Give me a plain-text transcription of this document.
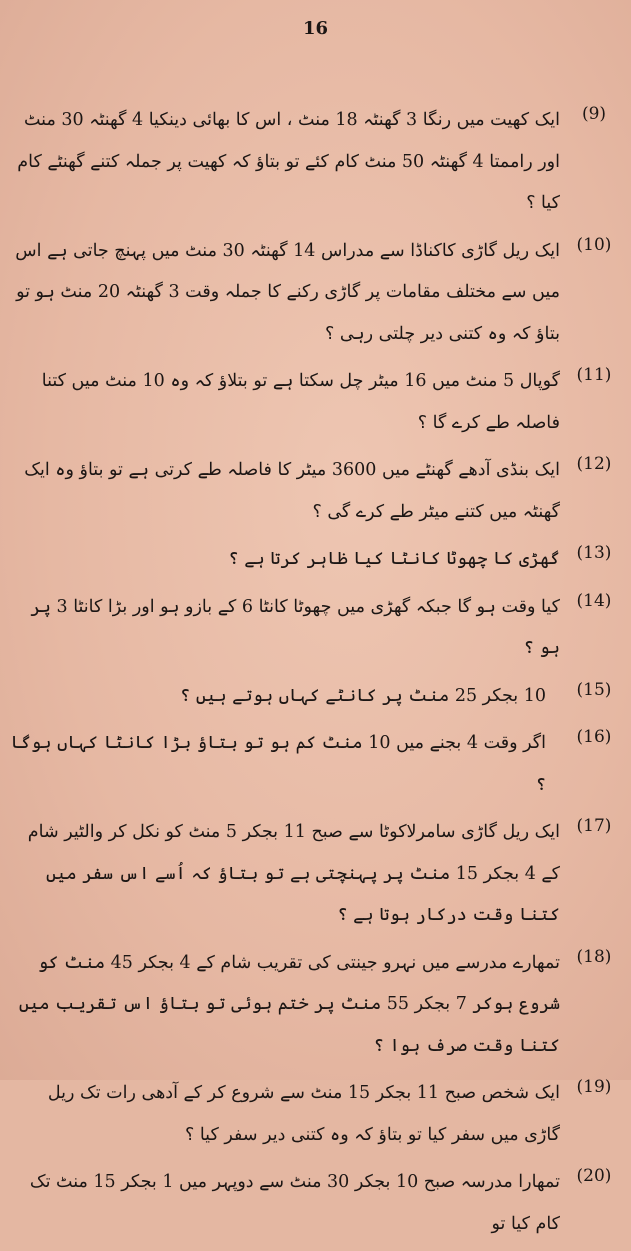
16
(9)
ایک کھیت میں رنگا 3 گھنٹہ 18 منٹ ، اس کا بھائی دینکیا 4 گھنٹہ 30 منٹ اور راممتا 4 گھنٹہ 50 منٹ کام کئے تو بتاؤ کہ کھیت پر جملہ کتنے گھنٹے کام کیا ؟
(10)
ایک ریل گاڑی کاکناڈا سے مدراس 14 گھنٹہ 30 منٹ میں پہنچ جاتی ہے اس میں سے مختلف مقامات پر گاڑی رکنے کا جملہ وقت 3 گھنٹہ 20 منٹ ہو تو بتاؤ کہ وہ کتنی دیر چلتی رہی ؟
(11)
گوپال 5 منٹ میں 16 میٹر چل سکتا ہے تو بتلاؤ کہ وہ 10 منٹ میں کتنا فاصلہ طے کرے گا ؟
(12)
ایک بنڈی آدھے گھنٹے میں 3600 میٹر کا فاصلہ طے کرتی ہے تو بتاؤ وہ ایک گھنٹہ میں کتنے میٹر طے کرے گی ؟
(13)
گھڑی کا چھوٹا کانٹا کیا ظاہر کرتا ہے ؟
(14)
کیا وقت ہو گا جبکہ گھڑی میں چھوٹا کانٹا 6 کے بازو ہو اور بڑا کانٹا 3 پر ہو ؟
(15)
10 بجکر 25 منٹ پر کانٹے کہاں ہوتے ہیں ؟
(16)
اگر وقت 4 بجنے میں 10 منٹ کم ہو تو بتاؤ بڑا کانٹا کہاں ہوگا ؟
(17)
ایک ریل گاڑی سامرلاکوٹا سے صبح 11 بجکر 5 منٹ کو نکل کر والٹیر شام کے 4 بجکر 15 منٹ پر پہنچتی ہے تو بتاؤ کہ اُسے اس سفر میں کتنا وقت درکار ہوتا ہے ؟
(18)
تمھارے مدرسے میں نہرو جینتی کی تقریب شام کے 4 بجکر 45 منٹ کو شروع ہوکر 7 بجکر 55 منٹ پر ختم ہوئی تو بتاؤ اس تقریب میں کتنا وقت صرف ہوا ؟
(19)
ایک شخص صبح 11 بجکر 15 منٹ سے شروع کر کے آدھی رات تک ریل گاڑی میں سفر کیا تو بتاؤ کہ وہ کتنی دیر سفر کیا ؟
(20)
تمھارا مدرسہ صبح 10 بجکر 30 منٹ سے دوپہر میں 1 بجکر 15 منٹ تک کام کیا تو
